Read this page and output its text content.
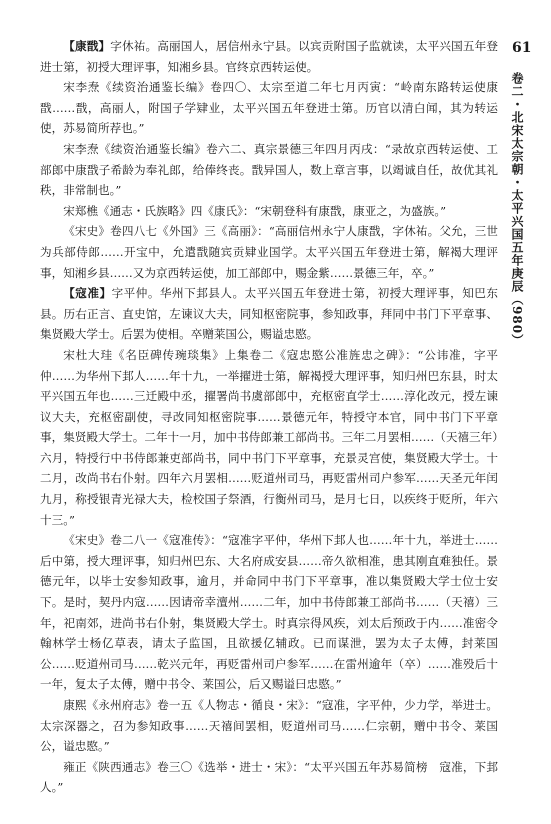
61
卷二・北宋太宗朝・太平兴国五年庚辰（980）

【康戬】字休祐。高丽国人，居信州永宁县。以宾贡附国子监就读，太平兴国五年登进士第，初授大理评事，知湘乡县。官终京西转运使。

宋李焘《续资治通鉴长编》卷四〇、太宗至道二年七月丙寅：“岭南东路转运使康戬……戬，高丽人，附国子学肄业，太平兴国五年登进士第。历官以清白闻，其为转运使，苏易简所荐也。”

宋李焘《续资治通鉴长编》卷六二、真宗景德三年四月丙戌：“录故京西转运使、工部郎中康戬子希龄为奉礼郎，给俸终丧。戬异国人，数上章言事，以竭诚自任，故优其礼秩，非常制也。”

宋郑樵《通志・氏族略》四《康氏》：“宋朝登科有康戬，康亚之，为盛族。”

《宋史》卷四八七《外国》三《高丽》：“高丽信州永宁人康戬，字休祐。父允，三世为兵部侍郎……开宝中，允遣戬随宾贡肄业国学。太平兴国五年登进士第，解褐大理评事，知湘乡县……又为京西转运使，加工部郎中，赐金紫……景德三年，卒。”

【寇准】字平仲。华州下邽县人。太平兴国五年登进士第，初授大理评事，知巴东县。历右正言、直史馆，左谏议大夫，同知枢密院事，参知政事，拜同中书门下平章事、集贤殿大学士。后罢为使相。卒赠莱国公，赐谥忠愍。

宋杜大珪《名臣碑传琬琰集》上集卷二《寇忠愍公准旌忠之碑》：“公讳准，字平仲……为华州下邽人……年十九，一举擢进士第，解褐授大理评事，知归州巴东县，时太平兴国五年也……三迁殿中丞，擢署尚书虞部郎中，充枢密直学士……淳化改元，授左谏议大夫，充枢密副使，寻改同知枢密院事……景德元年，特授守本官，同中书门下平章事，集贤殿大学士。二年十一月，加中书侍郎兼工部尚书。三年二月罢相……（天禧三年）六月，特授行中书侍郎兼吏部尚书，同中书门下平章事，充景灵宫使，集贤殿大学士。十二月，改尚书右仆射。四年六月罢相……贬道州司马，再贬雷州司户参军……天圣元年闰九月，称授银青光禄大夫，检校国子祭酒，行衡州司马，是月七日，以疾终于贬所，年六十三。”

《宋史》卷二八一《寇准传》：“寇准字平仲，华州下邽人也……年十九，举进士……后中第，授大理评事，知归州巴东、大名府成安县……帝久欲相准，患其刚直难独任。景德元年，以毕士安参知政事，逾月，并命同中书门下平章事，准以集贤殿大学士位士安下。是时，契丹内寇……因请帝幸澶州……二年，加中书侍郎兼工部尚书……（天禧）三年，祀南郊，进尚书右仆射，集贤殿大学士。时真宗得风疾，刘太后预政于内……准密令翰林学士杨亿草表，请太子监国，且欲援亿辅政。已而谋泄，罢为太子太傅，封莱国公……贬道州司马……乾兴元年，再贬雷州司户参军……在雷州逾年（卒）……准殁后十一年，复太子太傅，赠中书令、莱国公，后又赐谥曰忠愍。”

康熙《永州府志》卷一五《人物志・循良・宋》：“寇准，字平仲，少力学，举进士。太宗深器之，召为参知政事……天禧间罢相，贬道州司马……仁宗朝，赠中书令、莱国公，谥忠愍。”

雍正《陕西通志》卷三〇《选举・进士・宋》：“太平兴国五年苏易简榜　寇准，下邽人。”
